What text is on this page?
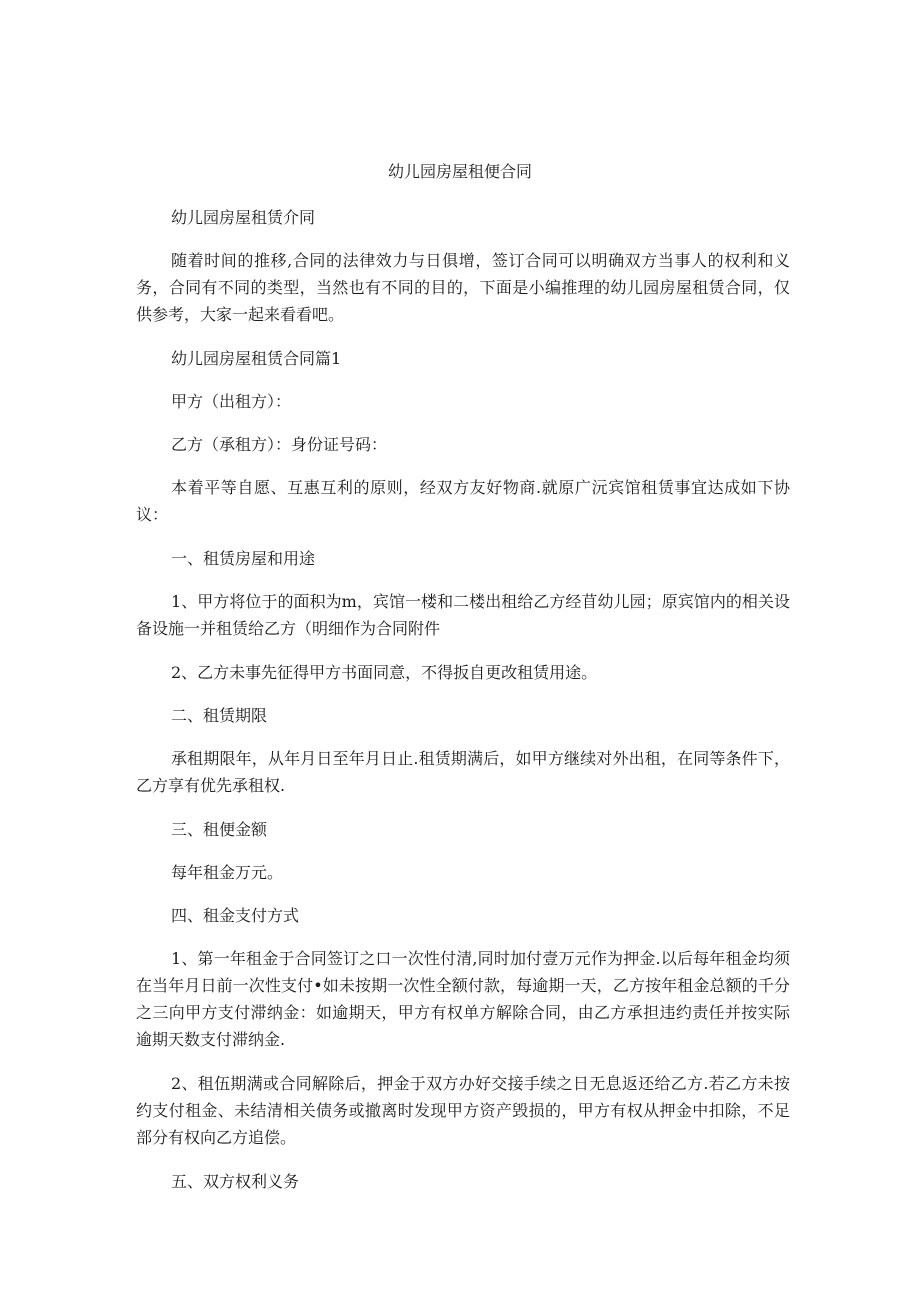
幼儿园房屋租便合同

幼儿园房屋租赁介同

随着时间的推移,合同的法律效力与日俱增，签订合同可以明确双方当事人的权利和义务，合同有不同的类型，当然也有不同的目的，下面是小编推理的幼儿园房屋租赁合同，仅供参考，大家一起来看看吧。

幼儿园房屋租赁合同篇1

甲方（出租方）：

乙方（承租方）：身份证号码：

本着平等自愿、互惠互利的原则，经双方友好物商.就原广沅宾馆租赁事宜达成如下协议：

一、租赁房屋和用途

1、甲方将位于的面积为m，宾馆一楼和二楼出租给乙方经苜幼儿园；原宾馆内的相关设备设施一并租赁给乙方（明细作为合同附件

2、乙方未事先征得甲方书面同意，不得扳自更改租赁用途。

二、租赁期限

承租期限年，从年月日至年月日止.租赁期满后，如甲方继续对外出租，在同等条件下，乙方享有优先承租权.

三、租便金额

每年租金万元。

四、租金支付方式

1、第一年租金于合同签订之口一次性付清,同时加付壹万元作为押金.以后每年租金均须在当年月日前一次性支付•如未按期一次性全额付款，每逾期一天，乙方按年租金总额的千分之三向甲方支付滞纳金：如逾期天，甲方有权单方解除合同，由乙方承担违约责任并按实际逾期天数支付滞纳金.

2、租伍期满或合同解除后，押金于双方办好交接手续之日无息返还给乙方.若乙方未按约支付租金、未结清相关债务或撤离时发现甲方资产毁损的，甲方有权从押金中扣除，不足部分有权向乙方追偿。

五、双方权利义务
